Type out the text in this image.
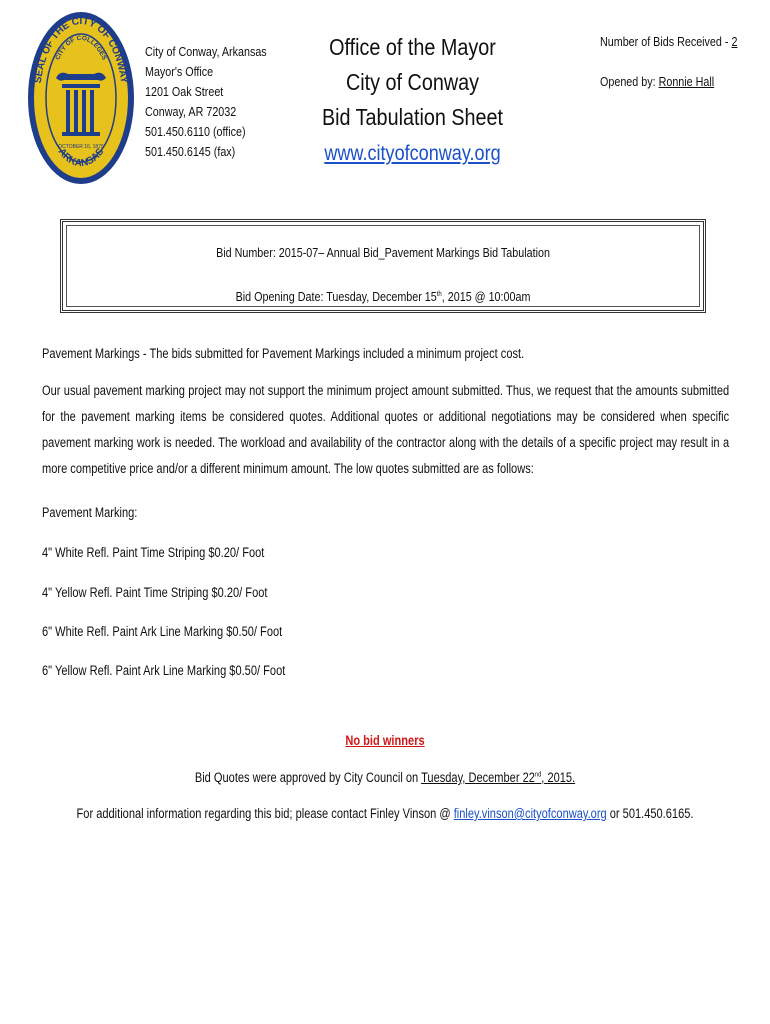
SEAL OF THE CITY OF CONWAY
CITY OF COLLEGES
ARKANSAS
OCTOBER 16, 1875
City of Conway, Arkansas
Mayor's Office
1201 Oak Street
Conway, AR 72032
501.450.6110 (office)
501.450.6145 (fax)
Office of the Mayor
City of Conway
Bid Tabulation Sheet
www.cityofconway.org
Number of Bids Received - 2
Opened by: Ronnie Hall
Bid Number: 2015-07– Annual Bid_Pavement Markings Bid Tabulation
Bid Opening Date: Tuesday, December 15th, 2015 @ 10:00am
Pavement Markings - The bids submitted for Pavement Markings included a minimum project cost.
Our usual pavement marking project may not support the minimum project amount submitted. Thus, we request that the amounts submitted for the pavement marking items be considered quotes. Additional quotes or additional negotiations may be considered when specific pavement marking work is needed. The workload and availability of the contractor along with the details of a specific project may result in a more competitive price and/or a different minimum amount. The low quotes submitted are as follows:
Pavement Marking:
4" White Refl. Paint Time Striping $0.20/ Foot
4" Yellow Refl. Paint Time Striping $0.20/ Foot
6" White Refl. Paint Ark Line Marking $0.50/ Foot
6" Yellow Refl. Paint Ark Line Marking $0.50/ Foot
No bid winners
Bid Quotes were approved by City Council on Tuesday, December 22nd, 2015.
For additional information regarding this bid; please contact Finley Vinson @ finley.vinson@cityofconway.org or 501.450.6165.
